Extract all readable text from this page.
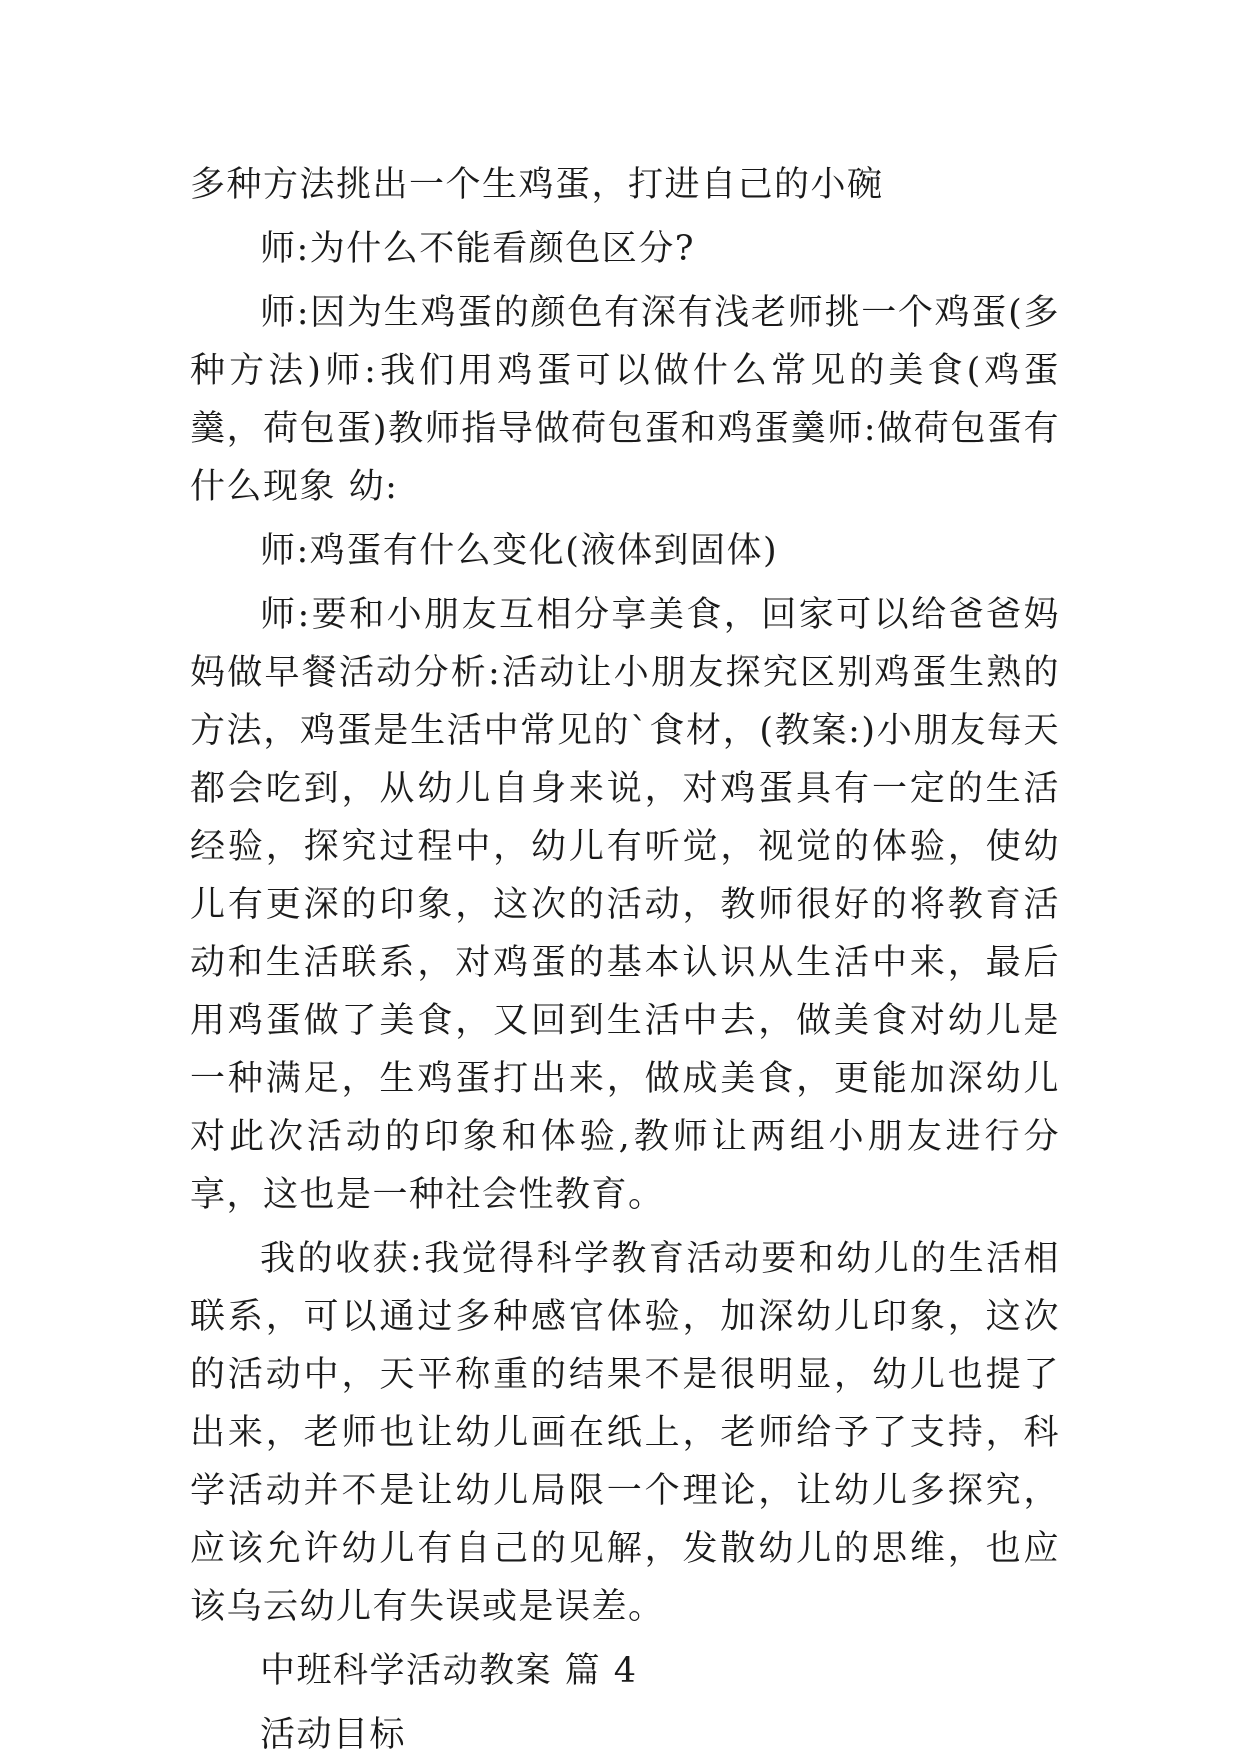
多种方法挑出一个生鸡蛋，打进自己的小碗

师:为什么不能看颜色区分?

师:因为生鸡蛋的颜色有深有浅老师挑一个鸡蛋(多种方法)师:我们用鸡蛋可以做什么常见的美食(鸡蛋羹，荷包蛋)教师指导做荷包蛋和鸡蛋羹师:做荷包蛋有什么现象 幼:

师:鸡蛋有什么变化(液体到固体)

师:要和小朋友互相分享美食，回家可以给爸爸妈妈做早餐活动分析:活动让小朋友探究区别鸡蛋生熟的方法，鸡蛋是生活中常见的`食材，(教案:)小朋友每天都会吃到，从幼儿自身来说，对鸡蛋具有一定的生活经验，探究过程中，幼儿有听觉，视觉的体验，使幼儿有更深的印象，这次的活动，教师很好的将教育活动和生活联系，对鸡蛋的基本认识从生活中来，最后用鸡蛋做了美食，又回到生活中去，做美食对幼儿是一种满足，生鸡蛋打出来，做成美食，更能加深幼儿对此次活动的印象和体验,教师让两组小朋友进行分享，这也是一种社会性教育。

我的收获:我觉得科学教育活动要和幼儿的生活相联系，可以通过多种感官体验，加深幼儿印象，这次的活动中，天平称重的结果不是很明显，幼儿也提了出来，老师也让幼儿画在纸上，老师给予了支持，科学活动并不是让幼儿局限一个理论，让幼儿多探究，应该允许幼儿有自己的见解，发散幼儿的思维，也应该乌云幼儿有失误或是误差。

中班科学活动教案 篇 4

活动目标
